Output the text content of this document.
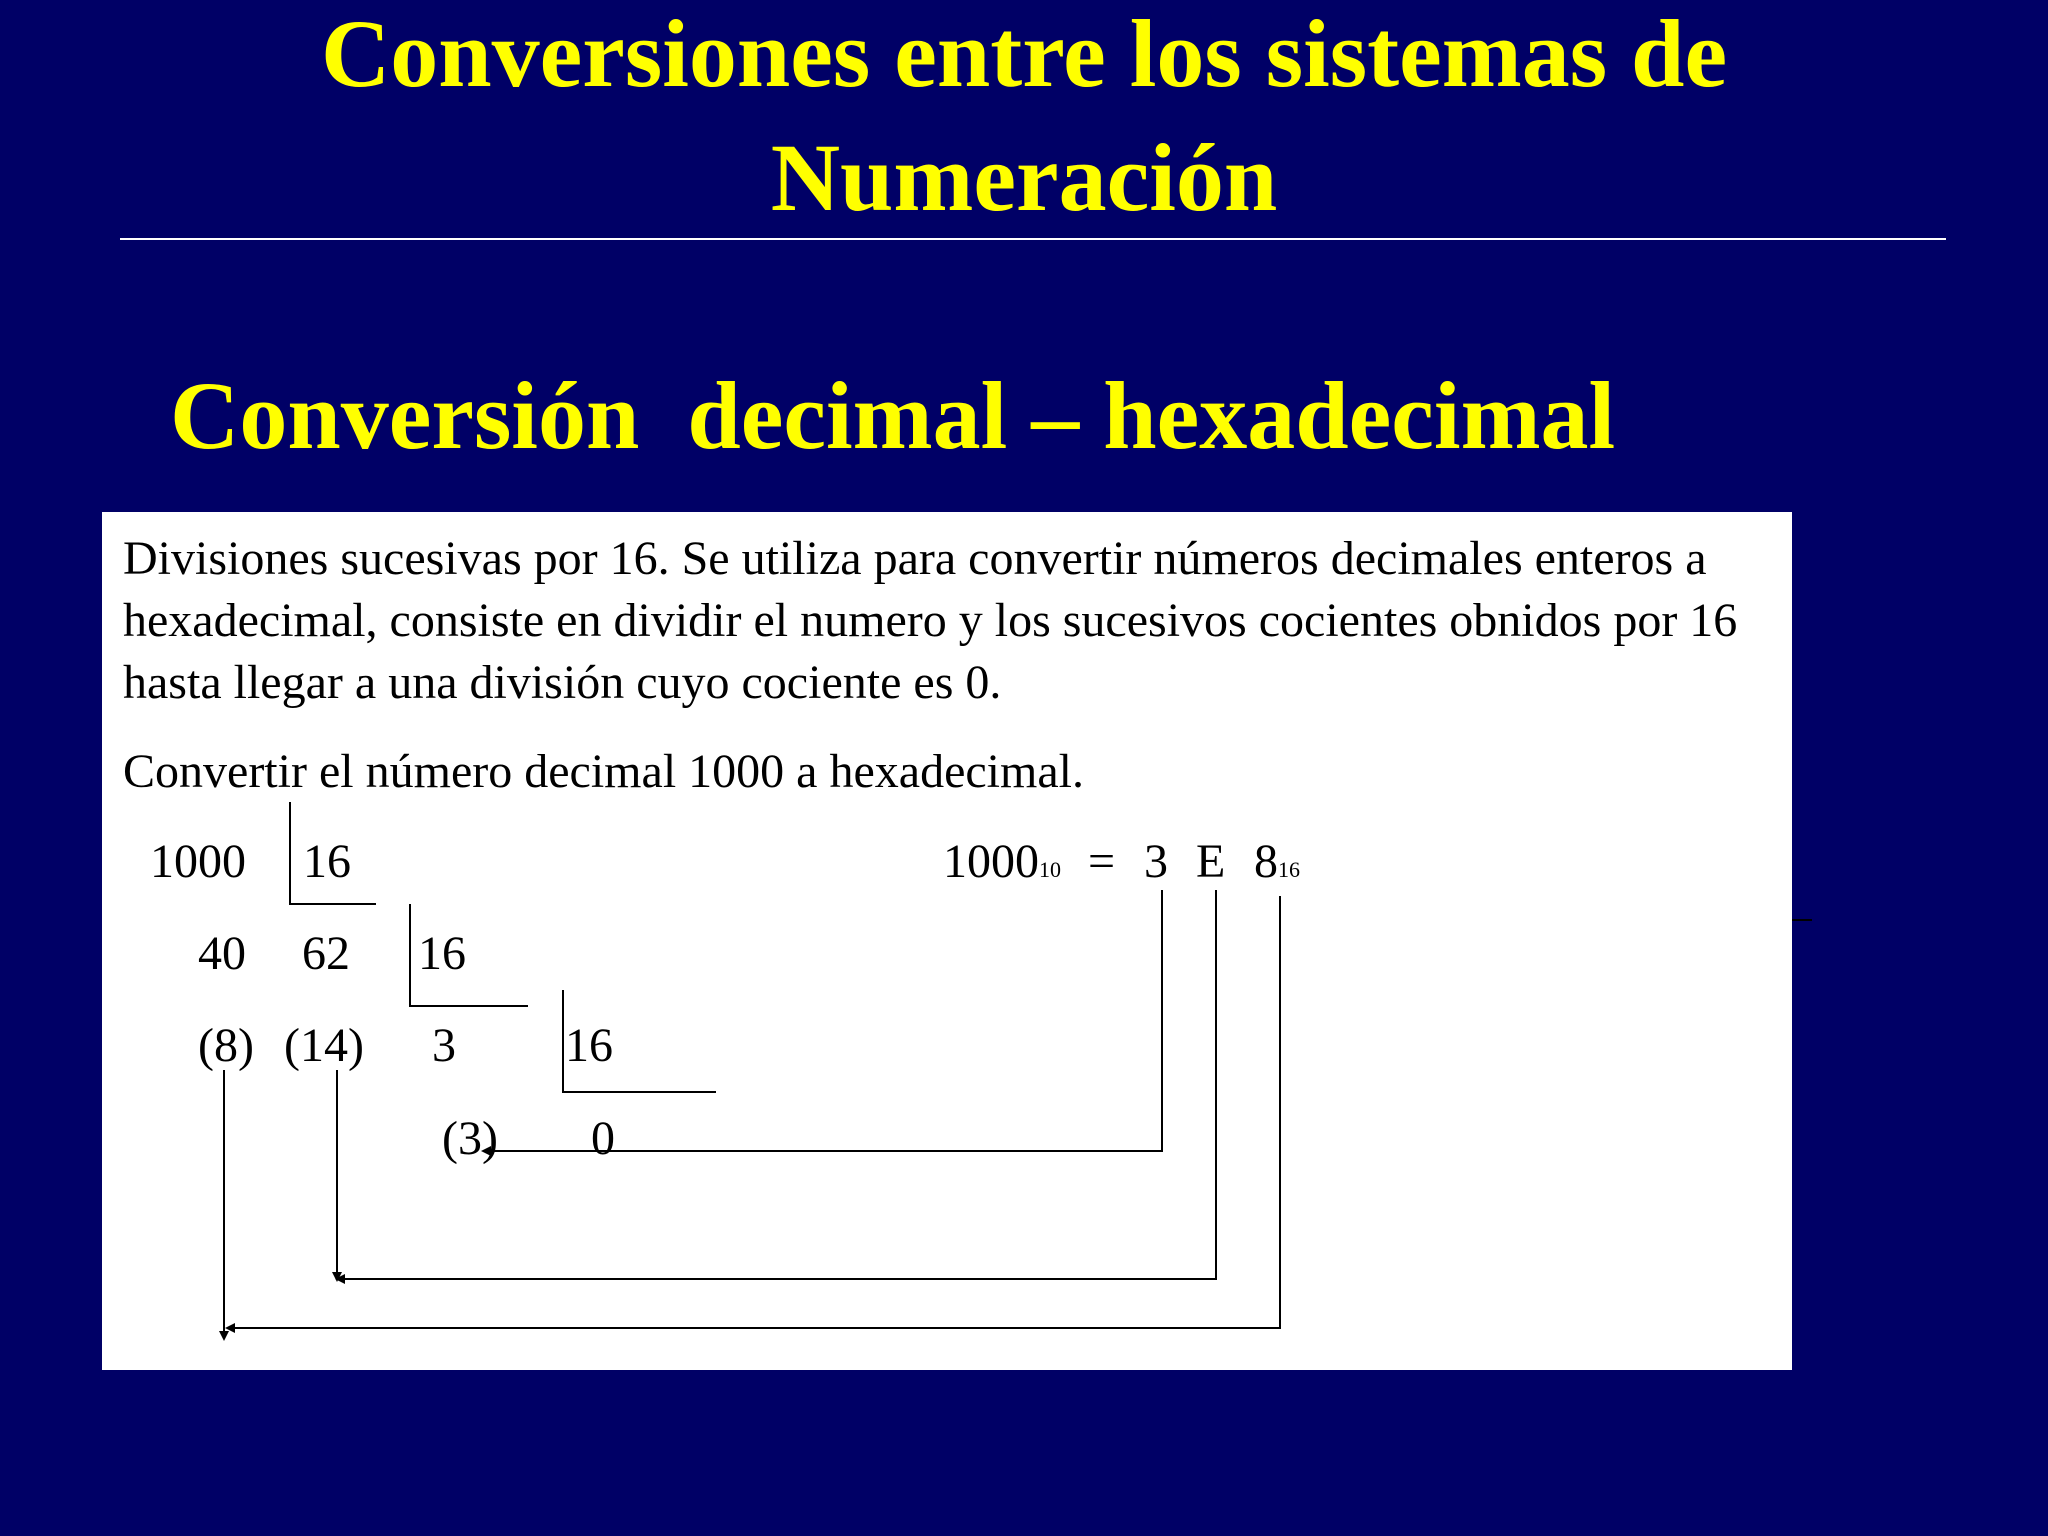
Conversiones entre los sistemas de
Numeración
Conversión  decimal – hexadecimal

Divisiones sucesivas por 16. Se utiliza para convertir números decimales enteros a hexadecimal, consiste en dividir el numero y los sucesivos cocientes obnidos por 16 hasta llegar a una división cuyo cociente es 0.

Convertir el número decimal 1000 a hexadecimal.

1000 16
40 62 16
(8) (14) 3 16
(3) 0
100010 = 3 E 816
